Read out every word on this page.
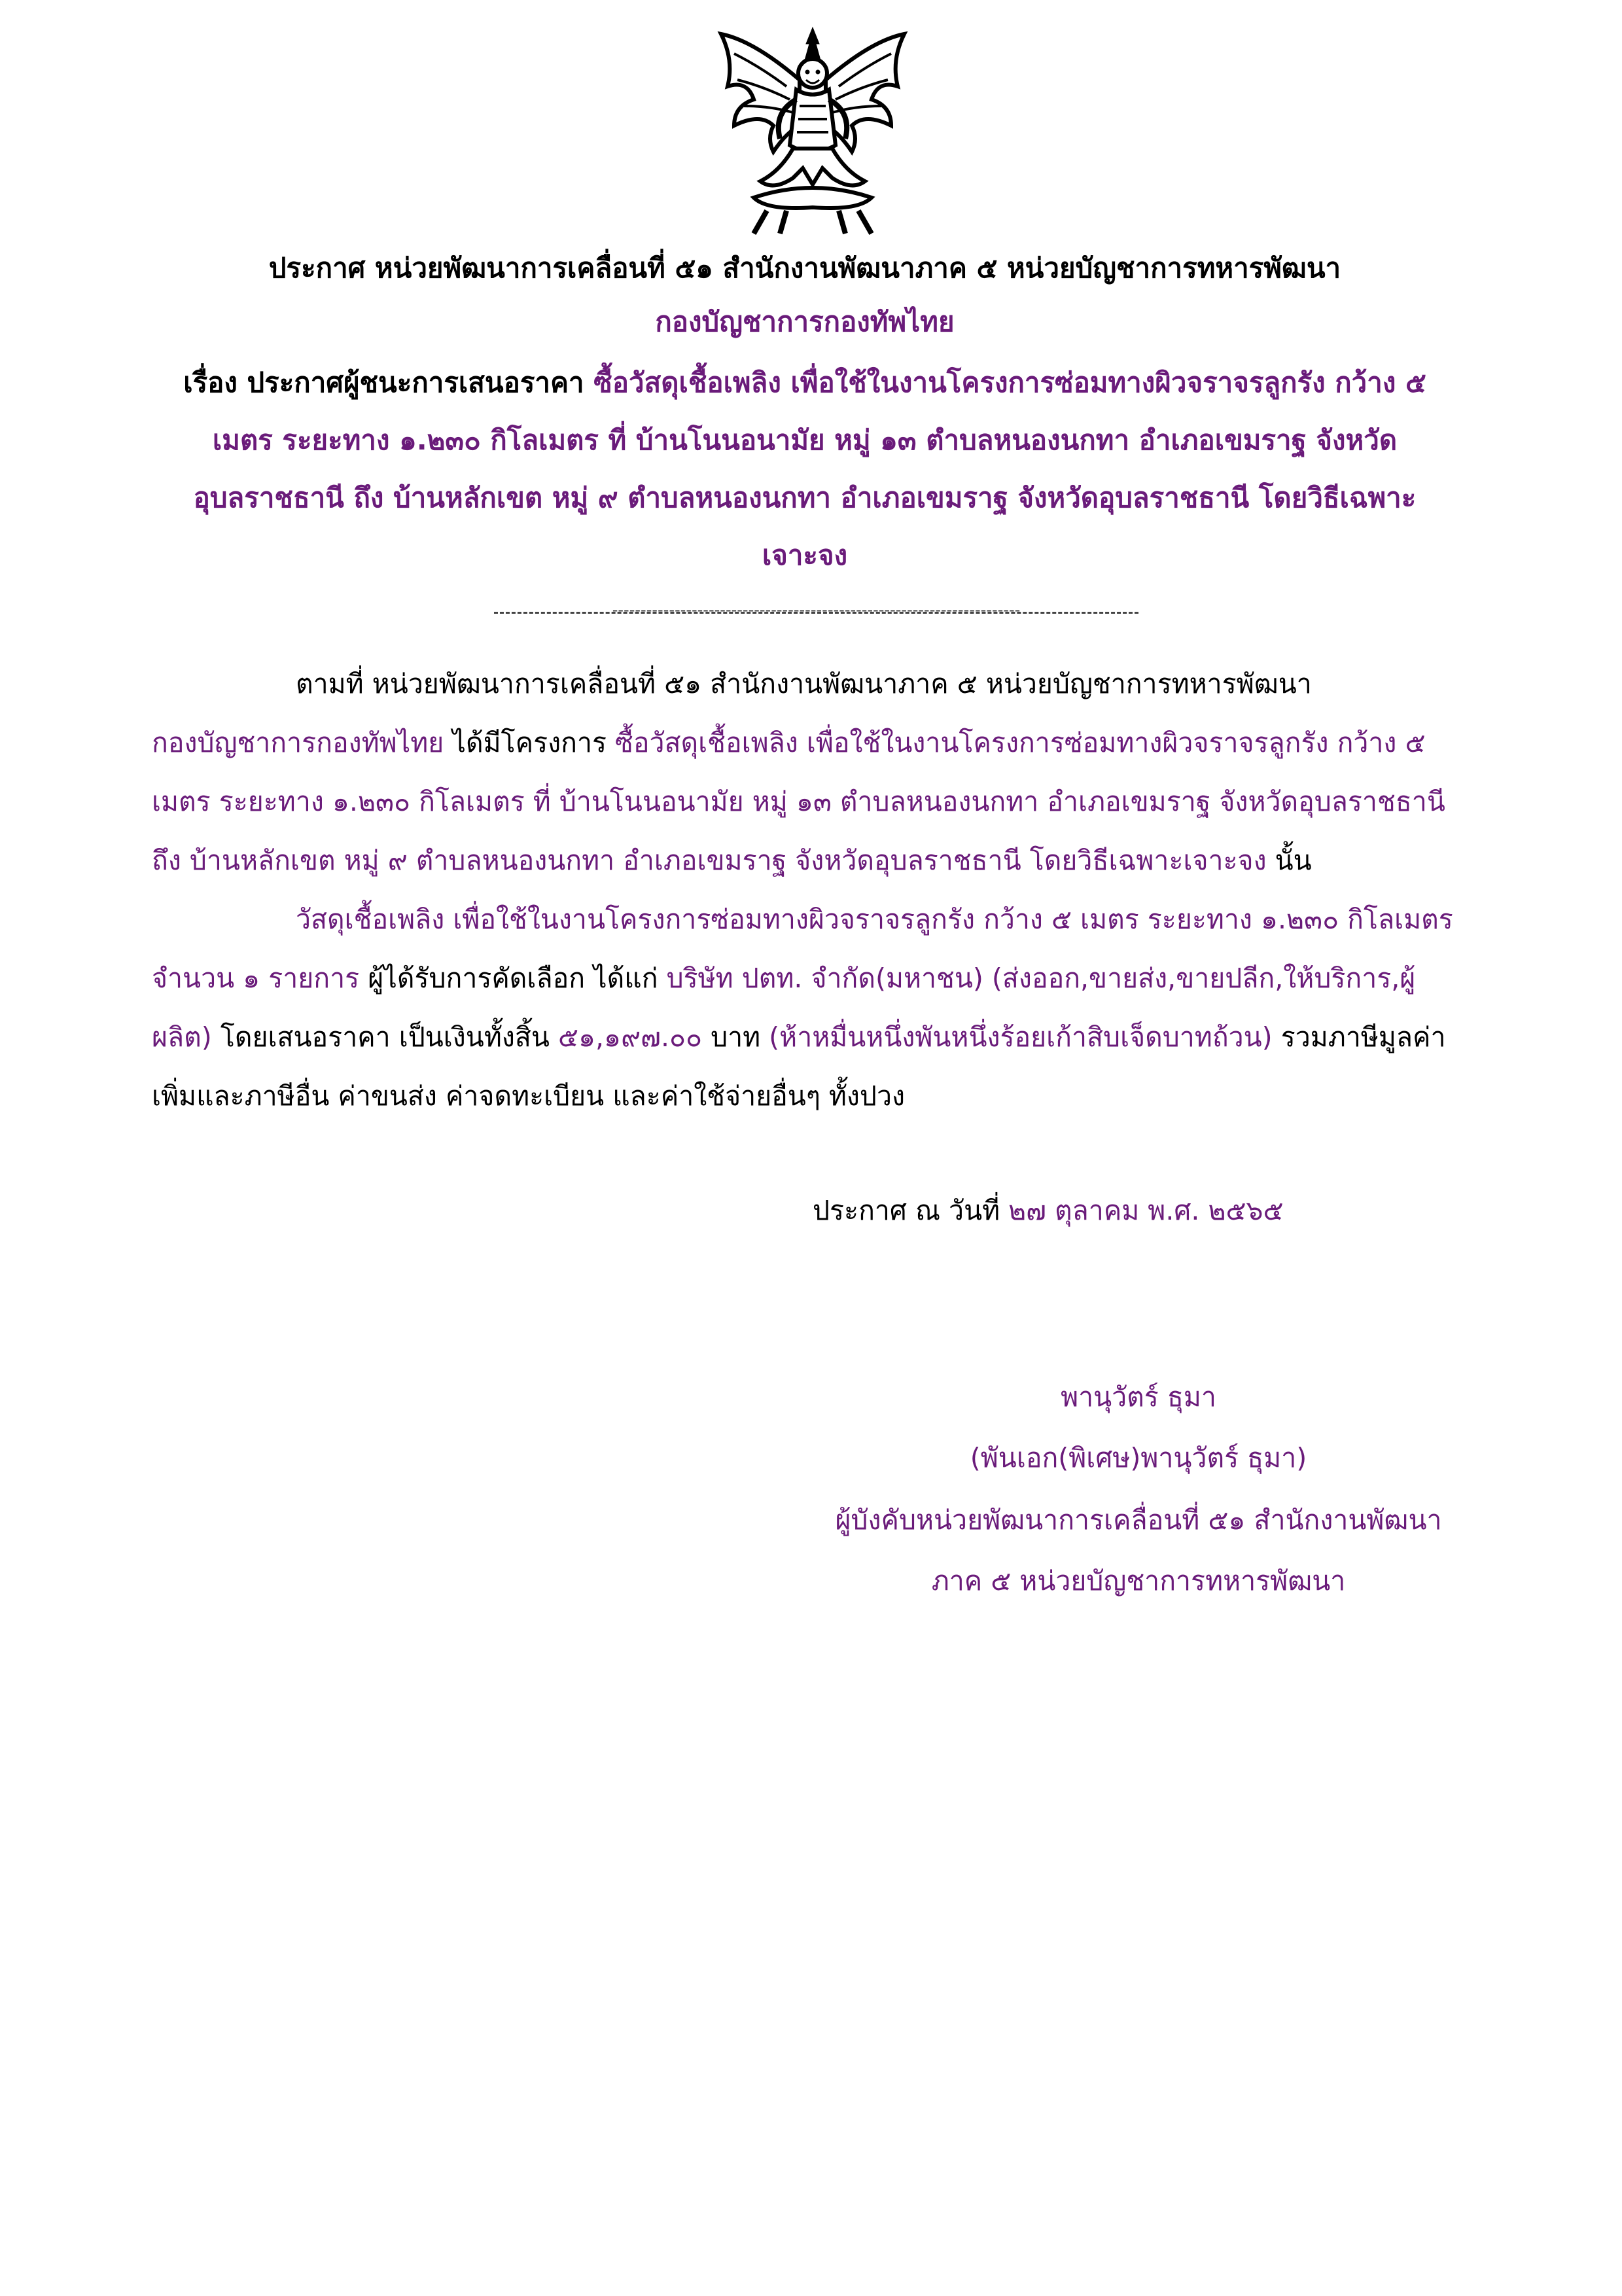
ประกาศ หน่วยพัฒนาการเคลื่อนที่ ๕๑ สำนักงานพัฒนาภาค ๕ หน่วยบัญชาการทหารพัฒนา

กองบัญชาการกองทัพไทย

เรื่อง ประกาศผู้ชนะการเสนอราคา ซื้อวัสดุเชื้อเพลิง เพื่อใช้ในงานโครงการซ่อมทางผิวจราจรลูกรัง กว้าง ๕

เมตร ระยะทาง ๑.๒๓๐ กิโลเมตร ที่ บ้านโนนอนามัย หมู่ ๑๓ ตำบลหนองนกทา อำเภอเขมราฐ จังหวัด

อุบลราชธานี ถึง บ้านหลักเขต หมู่ ๙ ตำบลหนองนกทา อำเภอเขมราฐ จังหวัดอุบลราชธานี โดยวิธีเฉพาะ

เจาะจง

ตามที่ หน่วยพัฒนาการเคลื่อนที่ ๕๑ สำนักงานพัฒนาภาค ๕ หน่วยบัญชาการทหารพัฒนา

กองบัญชาการกองทัพไทย ได้มีโครงการ ซื้อวัสดุเชื้อเพลิง เพื่อใช้ในงานโครงการซ่อมทางผิวจราจรลูกรัง กว้าง ๕

เมตร ระยะทาง ๑.๒๓๐ กิโลเมตร ที่ บ้านโนนอนามัย หมู่ ๑๓ ตำบลหนองนกทา อำเภอเขมราฐ จังหวัดอุบลราชธานี

ถึง บ้านหลักเขต หมู่ ๙ ตำบลหนองนกทา อำเภอเขมราฐ จังหวัดอุบลราชธานี โดยวิธีเฉพาะเจาะจง นั้น

วัสดุเชื้อเพลิง เพื่อใช้ในงานโครงการซ่อมทางผิวจราจรลูกรัง กว้าง ๕ เมตร ระยะทาง ๑.๒๓๐ กิโลเมตร

จำนวน ๑ รายการ ผู้ได้รับการคัดเลือก ได้แก่ บริษัท ปตท. จำกัด(มหาชน) (ส่งออก,ขายส่ง,ขายปลีก,ให้บริการ,ผู้

ผลิต) โดยเสนอราคา เป็นเงินทั้งสิ้น ๕๑,๑๙๗.๐๐ บาท (ห้าหมื่นหนึ่งพันหนึ่งร้อยเก้าสิบเจ็ดบาทถ้วน) รวมภาษีมูลค่า

เพิ่มและภาษีอื่น ค่าขนส่ง ค่าจดทะเบียน และค่าใช้จ่ายอื่นๆ ทั้งปวง

ประกาศ ณ วันที่ ๒๗ ตุลาคม พ.ศ. ๒๕๖๕
พานุวัตร์ ธุมา
(พันเอก(พิเศษ)พานุวัตร์ ธุมา)
ผู้บังคับหน่วยพัฒนาการเคลื่อนที่ ๕๑ สำนักงานพัฒนา
ภาค ๕ หน่วยบัญชาการทหารพัฒนา
------------------------------------------------------------------------
